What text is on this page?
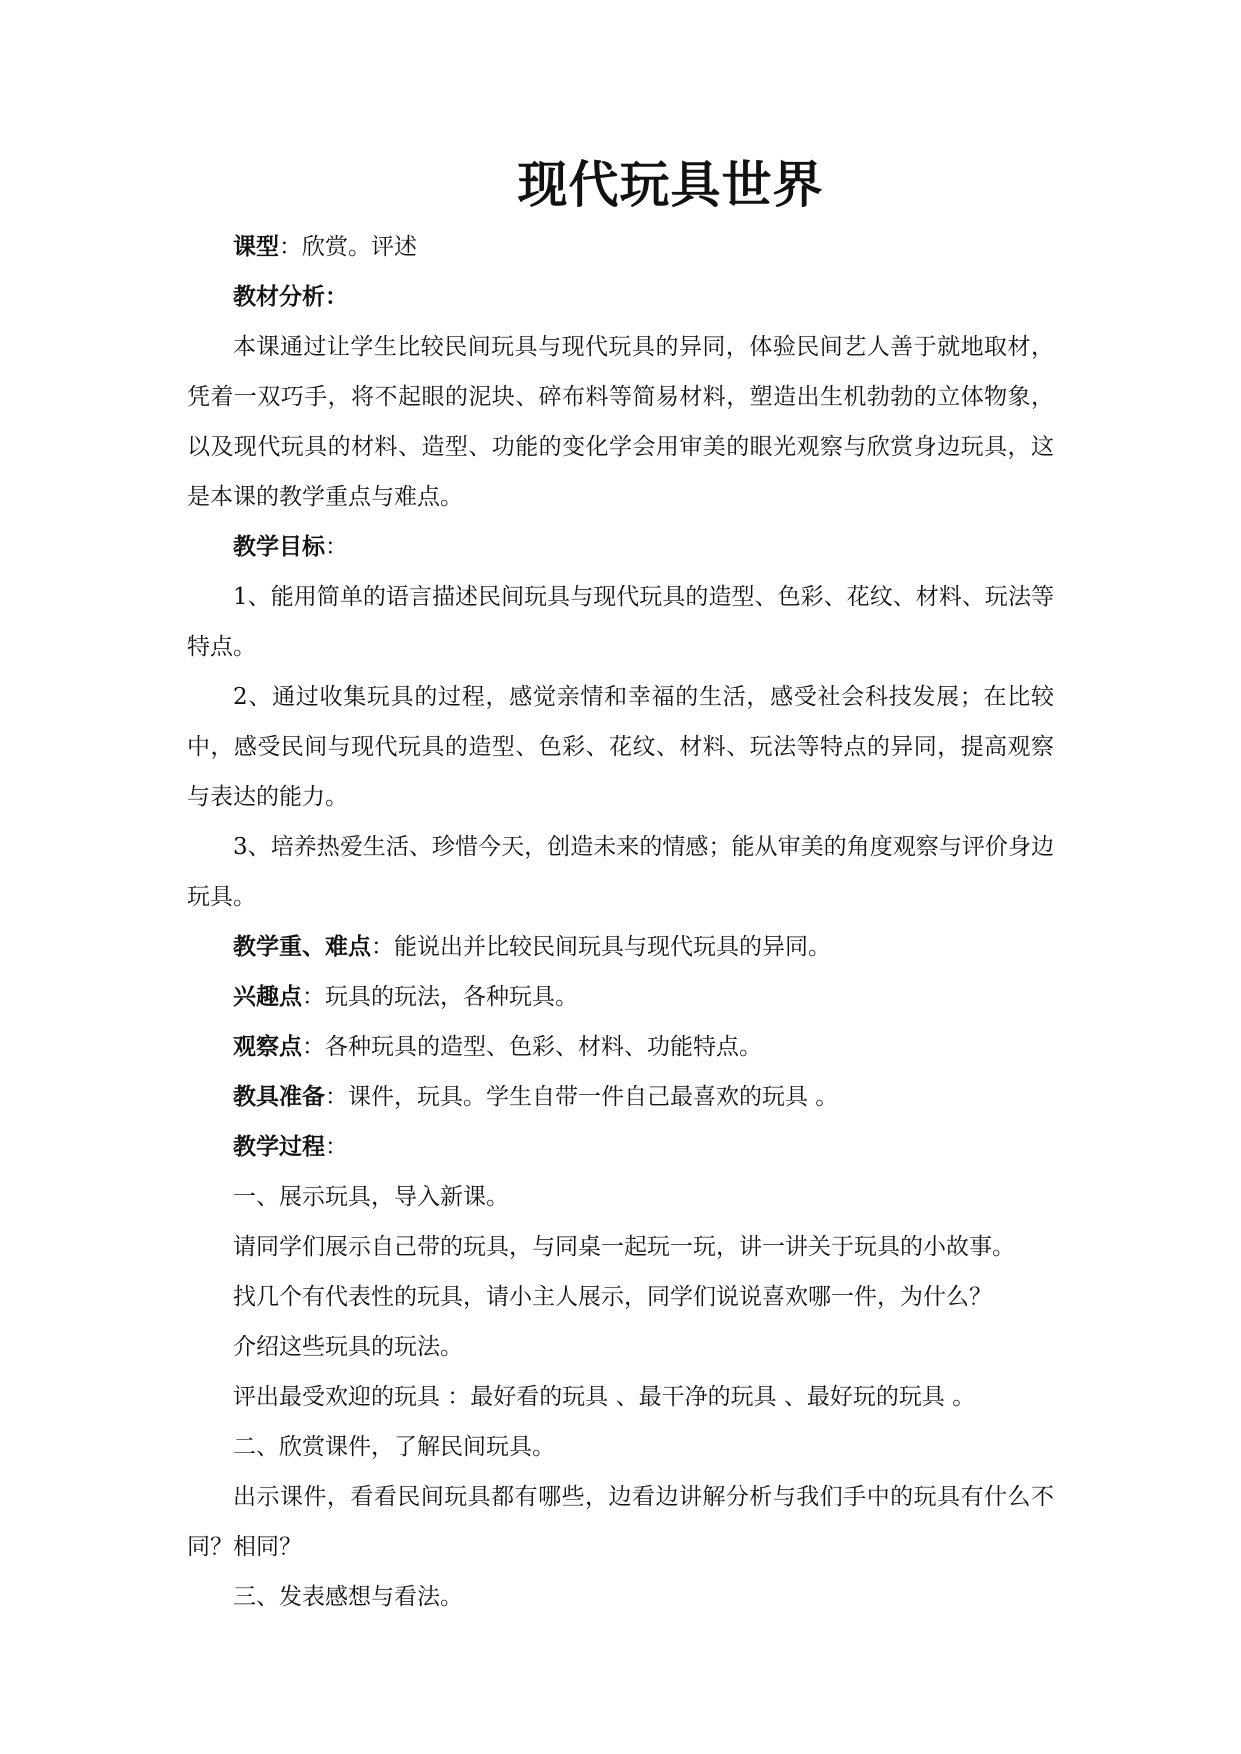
现代玩具世界

课型：欣赏。评述

教材分析：

本课通过让学生比较民间玩具与现代玩具的异同，体验民间艺人善于就地取材，凭着一双巧手，将不起眼的泥块、碎布料等简易材料，塑造出生机勃勃的立体物象，以及现代玩具的材料、造型、功能的变化学会用审美的眼光观察与欣赏身边玩具，这是本课的教学重点与难点。

教学目标：

1、能用简单的语言描述民间玩具与现代玩具的造型、色彩、花纹、材料、玩法等特点。

2、通过收集玩具的过程，感觉亲情和幸福的生活，感受社会科技发展；在比较中，感受民间与现代玩具的造型、色彩、花纹、材料、玩法等特点的异同，提高观察与表达的能力。

3、培养热爱生活、珍惜今天，创造未来的情感；能从审美的角度观察与评价身边玩具。

教学重、难点：能说出并比较民间玩具与现代玩具的异同。

兴趣点：玩具的玩法，各种玩具。

观察点：各种玩具的造型、色彩、材料、功能特点。

教具准备：课件，玩具。学生自带一件自己最喜欢的玩具 。

教学过程：

一、展示玩具，导入新课。

请同学们展示自己带的玩具，与同桌一起玩一玩，讲一讲关于玩具的小故事。

找几个有代表性的玩具，请小主人展示，同学们说说喜欢哪一件，为什么？

介绍这些玩具的玩法。

评出最受欢迎的玩具 ：最好看的玩具 、最干净的玩具 、最好玩的玩具 。

二、欣赏课件，了解民间玩具。

出示课件，看看民间玩具都有哪些，边看边讲解分析与我们手中的玩具有什么不同？相同？

三、发表感想与看法。
